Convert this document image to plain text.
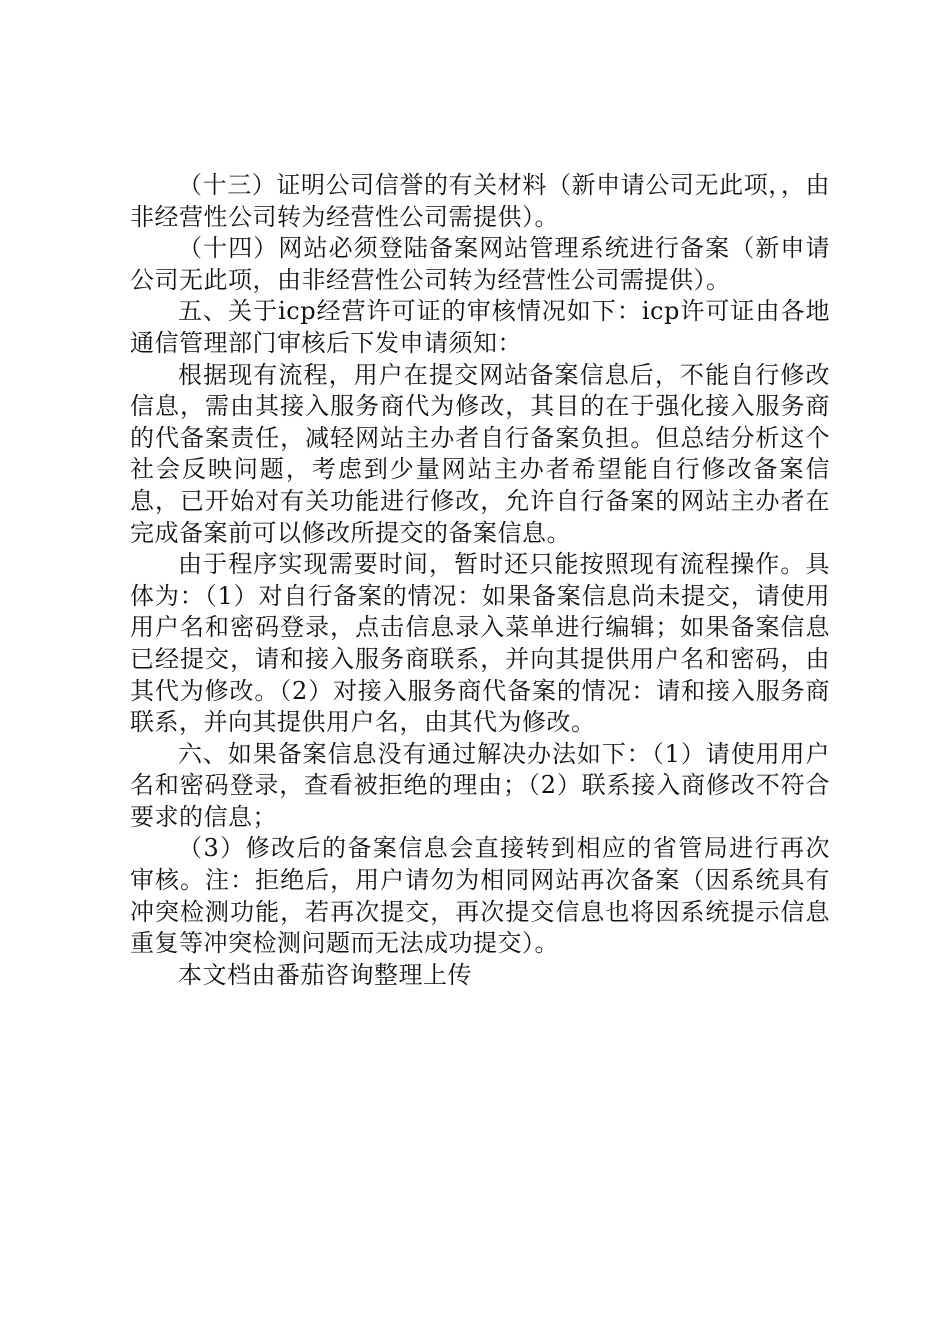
（十三）证明公司信誉的有关材料（新申请公司无此项，，由非经营性公司转为经营性公司需提供）。

（十四）网站必须登陆备案网站管理系统进行备案（新申请公司无此项，由非经营性公司转为经营性公司需提供）。

五、关于icp经营许可证的审核情况如下：icp许可证由各地通信管理部门审核后下发申请须知：

根据现有流程，用户在提交网站备案信息后，不能自行修改信息，需由其接入服务商代为修改，其目的在于强化接入服务商的代备案责任，减轻网站主办者自行备案负担。但总结分析这个社会反映问题，考虑到少量网站主办者希望能自行修改备案信息，已开始对有关功能进行修改，允许自行备案的网站主办者在完成备案前可以修改所提交的备案信息。

由于程序实现需要时间，暂时还只能按照现有流程操作。具体为：（1）对自行备案的情况：如果备案信息尚未提交，请使用用户名和密码登录，点击信息录入菜单进行编辑；如果备案信息已经提交，请和接入服务商联系，并向其提供用户名和密码，由其代为修改。（2）对接入服务商代备案的情况：请和接入服务商联系，并向其提供用户名，由其代为修改。

六、如果备案信息没有通过解决办法如下：（1）请使用用户名和密码登录，查看被拒绝的理由；（2）联系接入商修改不符合要求的信息；

（3）修改后的备案信息会直接转到相应的省管局进行再次审核。注：拒绝后，用户请勿为相同网站再次备案（因系统具有冲突检测功能，若再次提交，再次提交信息也将因系统提示信息重复等冲突检测问题而无法成功提交）。

本文档由番茄咨询整理上传
